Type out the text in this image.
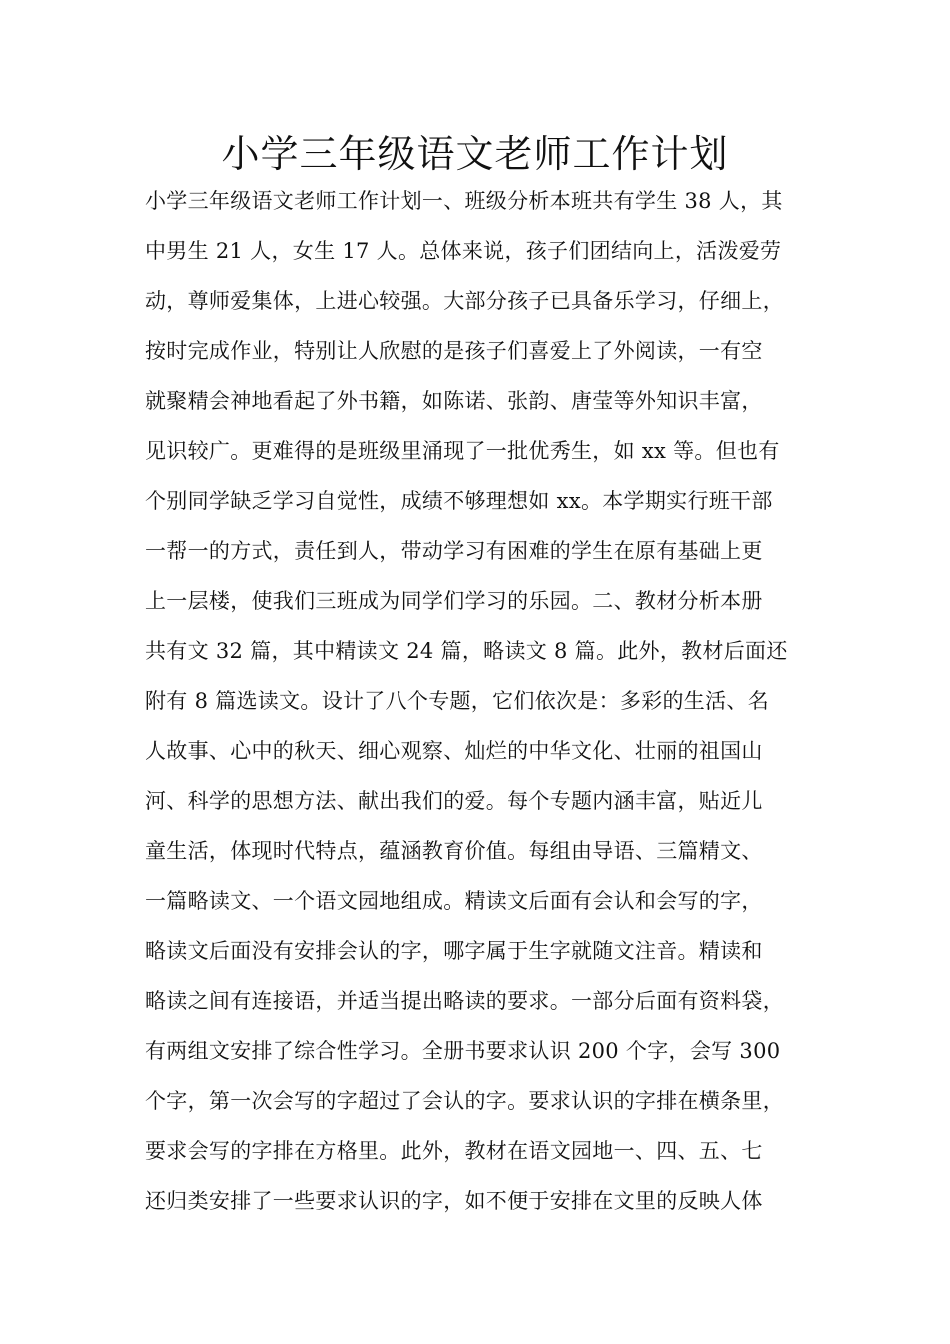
小学三年级语文老师工作计划
小学三年级语文老师工作计划一、班级分析本班共有学生 38 人，其
中男生 21 人，女生 17 人。总体来说，孩子们团结向上，活泼爱劳
动，尊师爱集体，上进心较强。大部分孩子已具备乐学习，仔细上，
按时完成作业，特别让人欣慰的是孩子们喜爱上了外阅读，一有空
就聚精会神地看起了外书籍，如陈诺、张韵、唐莹等外知识丰富，
见识较广。更难得的是班级里涌现了一批优秀生，如 xx 等。但也有
个别同学缺乏学习自觉性，成绩不够理想如 xx。本学期实行班干部
一帮一的方式，责任到人，带动学习有困难的学生在原有基础上更
上一层楼，使我们三班成为同学们学习的乐园。二、教材分析本册
共有文 32 篇，其中精读文 24 篇，略读文 8 篇。此外，教材后面还
附有 8 篇选读文。设计了八个专题，它们依次是：多彩的生活、名
人故事、心中的秋天、细心观察、灿烂的中华文化、壮丽的祖国山
河、科学的思想方法、献出我们的爱。每个专题内涵丰富，贴近儿
童生活，体现时代特点，蕴涵教育价值。每组由导语、三篇精文、
一篇略读文、一个语文园地组成。精读文后面有会认和会写的字，
略读文后面没有安排会认的字，哪字属于生字就随文注音。精读和
略读之间有连接语，并适当提出略读的要求。一部分后面有资料袋，
有两组文安排了综合性学习。全册书要求认识 200 个字，会写 300
个字，第一次会写的字超过了会认的字。要求认识的字排在横条里，
要求会写的字排在方格里。此外，教材在语文园地一、四、五、七
还归类安排了一些要求认识的字，如不便于安排在文里的反映人体
